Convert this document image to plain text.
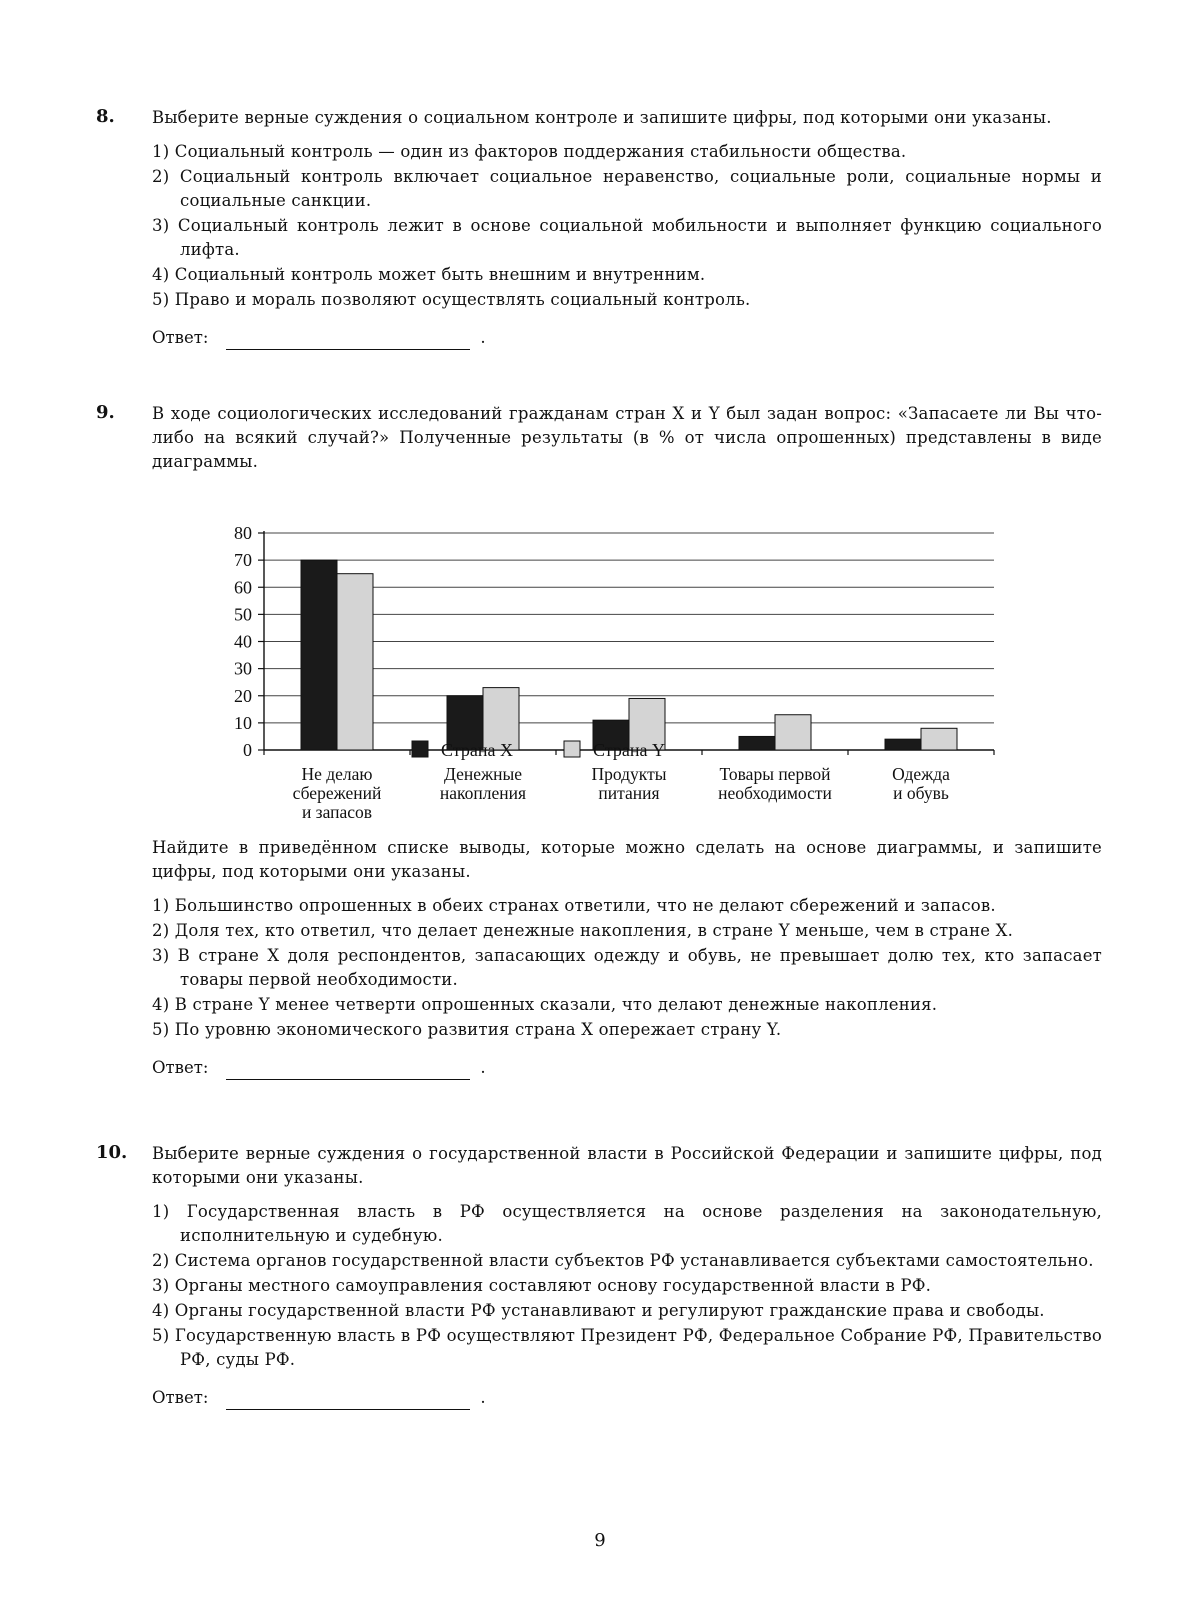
8. Выберите верные суждения о социальном контроле и запишите цифры, под которыми они указаны.

1) Социальный контроль — один из факторов поддержания стабильности общества.
2) Социальный контроль включает социальное неравенство, социальные роли, социальные нормы и социальные санкции.
3) Социальный контроль лежит в основе социальной мобильности и выполняет функцию социального лифта.
4) Социальный контроль может быть внешним и внутренним.
5) Право и мораль позволяют осуществлять социальный контроль.
Ответ:	.
9. В ходе социологических исследований гражданам стран X и Y был задан вопрос: «Запасаете ли Вы что-либо на всякий случай?» Полученные результаты (в % от числа опрошенных) представлены в виде диаграммы.

0
10
20
30
40
50
60
70
80
Не делаю
сбережений
и запасов
Денежные
накопления
Продукты
питания
Товары первой
необходимости
Одежда
и обувь
Страна X	Страна Y

Найдите в приведённом списке выводы, которые можно сделать на основе диаграммы, и запишите цифры, под которыми они указаны.

1) Большинство опрошенных в обеих странах ответили, что не делают сбережений и запасов.
2) Доля тех, кто ответил, что делает денежные накопления, в стране Y меньше, чем в стране X.
3) В стране X доля респондентов, запасающих одежду и обувь, не превышает долю тех, кто запасает товары первой необходимости.
4) В стране Y менее четверти опрошенных сказали, что делают денежные накопления.
5) По уровню экономического развития страна X опережает страну Y.
Ответ:	.
10. Выберите верные суждения о государственной власти в Российской Федерации и запишите цифры, под которыми они указаны.

1) Государственная власть в РФ осуществляется на основе разделения на законодательную, исполнительную и судебную.
2) Система органов государственной власти субъектов РФ устанавливается субъектами самостоятельно.
3) Органы местного самоуправления составляют основу государственной власти в РФ.
4) Органы государственной власти РФ устанавливают и регулируют гражданские права и свободы.
5) Государственную власть в РФ осуществляют Президент РФ, Федеральное Собрание РФ, Правительство РФ, суды РФ.
Ответ:	.
9
